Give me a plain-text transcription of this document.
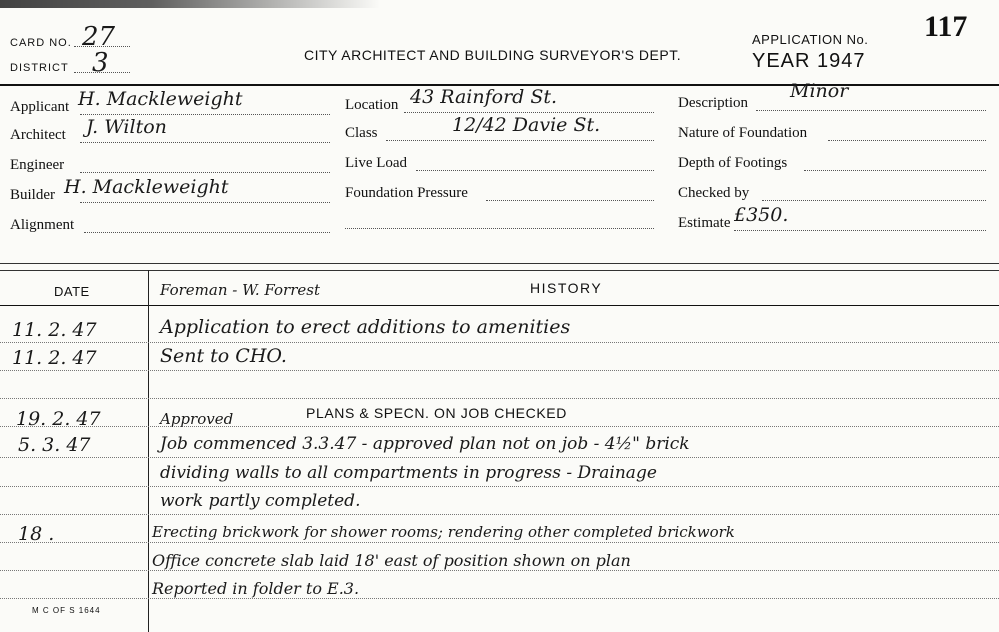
CARD NO. 27
DISTRICT 3	CITY ARCHITECT AND BUILDING SURVEYOR'S DEPT.
APPLICATION No. 117
YEAR 1947
Applicant H. Mackleweight
Architect J. Wilton
Engineer
Builder H. Mackleweight
Alignment
Location 43 Rainford St.
Class	12/42 Davie St.
Live Load
Foundation Pressure
Description
Minor
Nature of Foundation
Depth of Footings
Checked by
Estimate £350.
DATE	HISTORY
Foreman - W. Forrest
11. 2. 47	Application to erect additions to amenities
11. 2. 47	Sent to CHO.
19. 2. 47	Approved	PLANS & SPECN. ON JOB CHECKED
5. 3. 47	Job commenced 3.3.47 - approved plan not on job - 4½" brick
dividing walls to all compartments in progress - Drainage
work partly completed.
18 .	Erecting brickwork for shower rooms; rendering other completed brickwork
Office concrete slab laid 18' east of position shown on plan
Reported in folder to E.3.
M C OF S 1644
